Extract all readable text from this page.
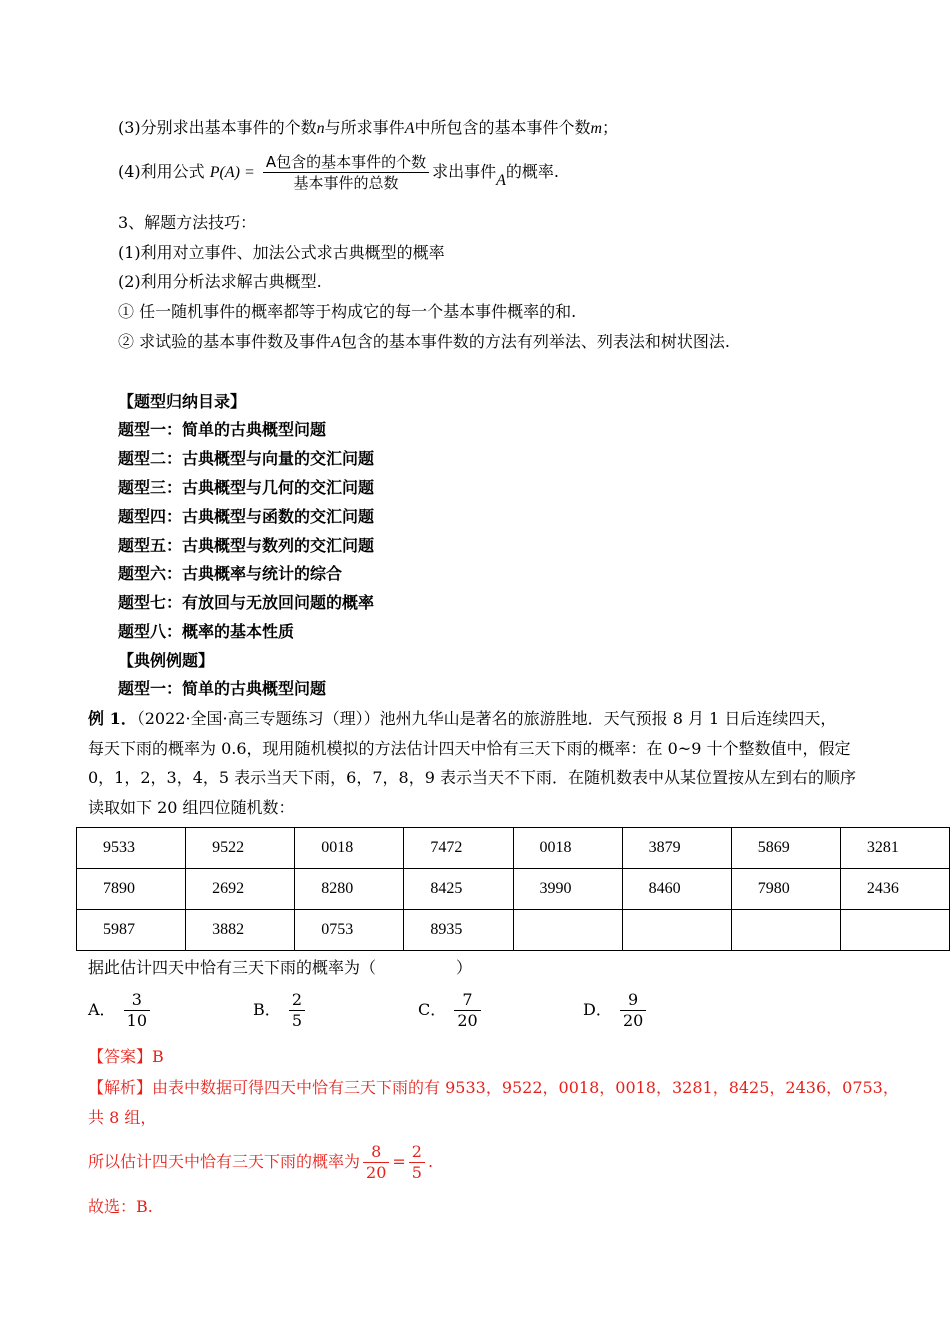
(3)分别求出基本事件的个数n与所求事件A中所包含的基本事件个数m；
(4)利用公式 $P(A) = \frac{\text{A包含的基本事件的个数}}{\text{基本事件的总数}}$ 求出事件A的概率.
3、解题方法技巧：
(1)利用对立事件、加法公式求古典概型的概率
(2)利用分析法求解古典概型.
① 任一随机事件的概率都等于构成它的每一个基本事件概率的和.
② 求试验的基本事件数及事件A包含的基本事件数的方法有列举法、列表法和树状图法.
【题型归纳目录】
题型一：简单的古典概型问题
题型二：古典概型与向量的交汇问题
题型三：古典概型与几何的交汇问题
题型四：古典概型与函数的交汇问题
题型五：古典概型与数列的交汇问题
题型六：古典概率与统计的综合
题型七：有放回与无放回问题的概率
题型八：概率的基本性质
【典例例题】
题型一：简单的古典概型问题
例 1．（2022·全国·高三专题练习（理））池州九华山是著名的旅游胜地．天气预报 8 月 1 日后连续四天，
每天下雨的概率为 0.6，现用随机模拟的方法估计四天中恰有三天下雨的概率：在 0~9 十个整数值中，假定
0，1，2，3，4，5 表示当天下雨，6，7，8，9 表示当天不下雨．在随机数表中从某位置按从左到右的顺序
读取如下 20 组四位随机数：
9533	9522	0018	7472	0018	3879	5869	3281
7890	2692	8280	8425	3990	8460	7980	2436
5987	3882	0753	8935				
据此估计四天中恰有三天下雨的概率为（　　　　　）
A． $\frac{3}{10}$	B． $\frac{2}{5}$	C． $\frac{7}{20}$	D． $\frac{9}{20}$
【答案】B
【解析】由表中数据可得四天中恰有三天下雨的有 9533，9522，0018，0018，3281，8425，2436，0753，
共 8 组，
所以估计四天中恰有三天下雨的概率为 $\frac{8}{20} = \frac{2}{5}$ .
故选：B.
